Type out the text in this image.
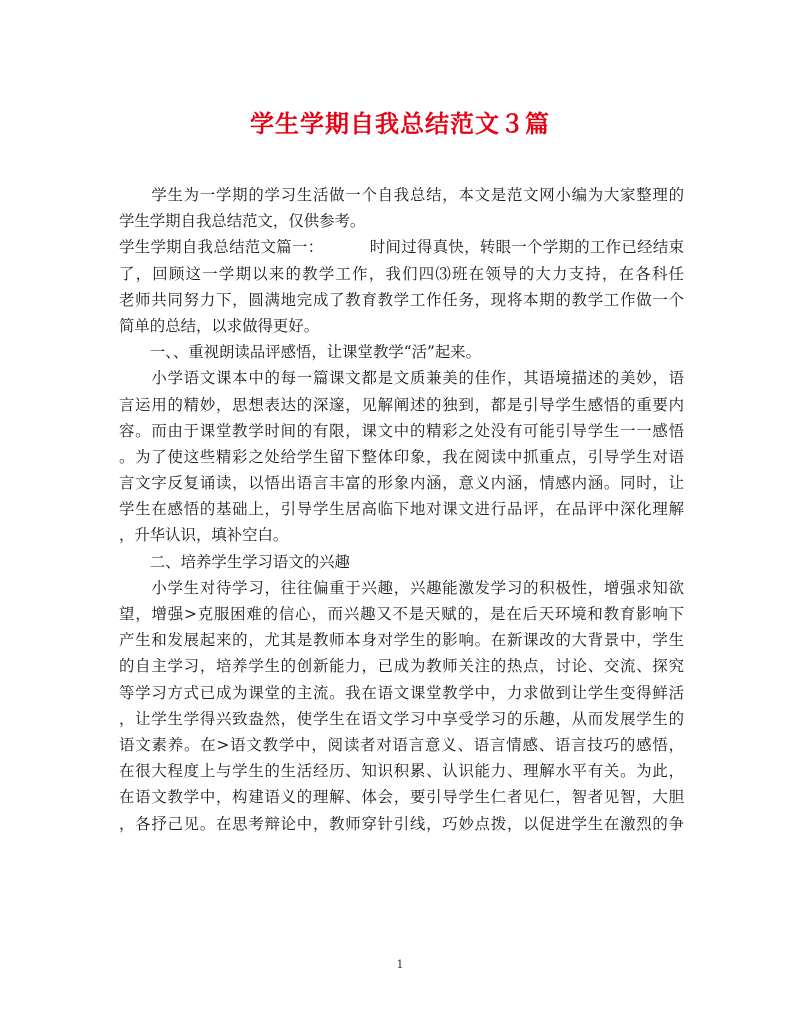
学生学期自我总结范文３篇
　　学生为一学期的学习生活做一个自我总结，本文是范文网小编为大家整理的
学生学期自我总结范文，仅供参考。
学生学期自我总结范文篇一：	时间过得真快，转眼一个学期的工作已经结束
了，回顾这一学期以来的教学工作，我们四⑶班在领导的大力支持，在各科任
老师共同努力下，圆满地完成了教育教学工作任务，现将本期的教学工作做一个
简单的总结，以求做得更好。
　　一、、重视朗读品评感悟，让课堂教学“活”起来。
　　小学语文课本中的每一篇课文都是文质兼美的佳作，其语境描述的美妙，语
言运用的精妙，思想表达的深邃，见解阐述的独到，都是引导学生感悟的重要内
容。而由于课堂教学时间的有限，课文中的精彩之处没有可能引导学生一一感悟
。为了使这些精彩之处给学生留下整体印象，我在阅读中抓重点，引导学生对语
言文字反复诵读，以悟出语言丰富的形象内涵，意义内涵，情感内涵。同时，让
学生在感悟的基础上，引导学生居高临下地对课文进行品评，在品评中深化理解
，升华认识，填补空白。
　　二、培养学生学习语文的兴趣
　　小学生对待学习，往往偏重于兴趣，兴趣能激发学习的积极性，增强求知欲
望，增强>克服困难的信心，而兴趣又不是天赋的，是在后天环境和教育影响下
产生和发展起来的，尤其是教师本身对学生的影响。在新课改的大背景中，学生
的自主学习，培养学生的创新能力，已成为教师关注的热点，讨论、交流、探究
等学习方式已成为课堂的主流。我在语文课堂教学中，力求做到让学生变得鲜活
，让学生学得兴致盎然，使学生在语文学习中享受学习的乐趣，从而发展学生的
语文素养。在>语文教学中，阅读者对语言意义、语言情感、语言技巧的感悟，
在很大程度上与学生的生活经历、知识积累、认识能力、理解水平有关。为此，
在语文教学中，构建语义的理解、体会，要引导学生仁者见仁，智者见智，大胆
，各抒己见。在思考辩论中，教师穿针引线，巧妙点拨，以促进学生在激烈的争
1
